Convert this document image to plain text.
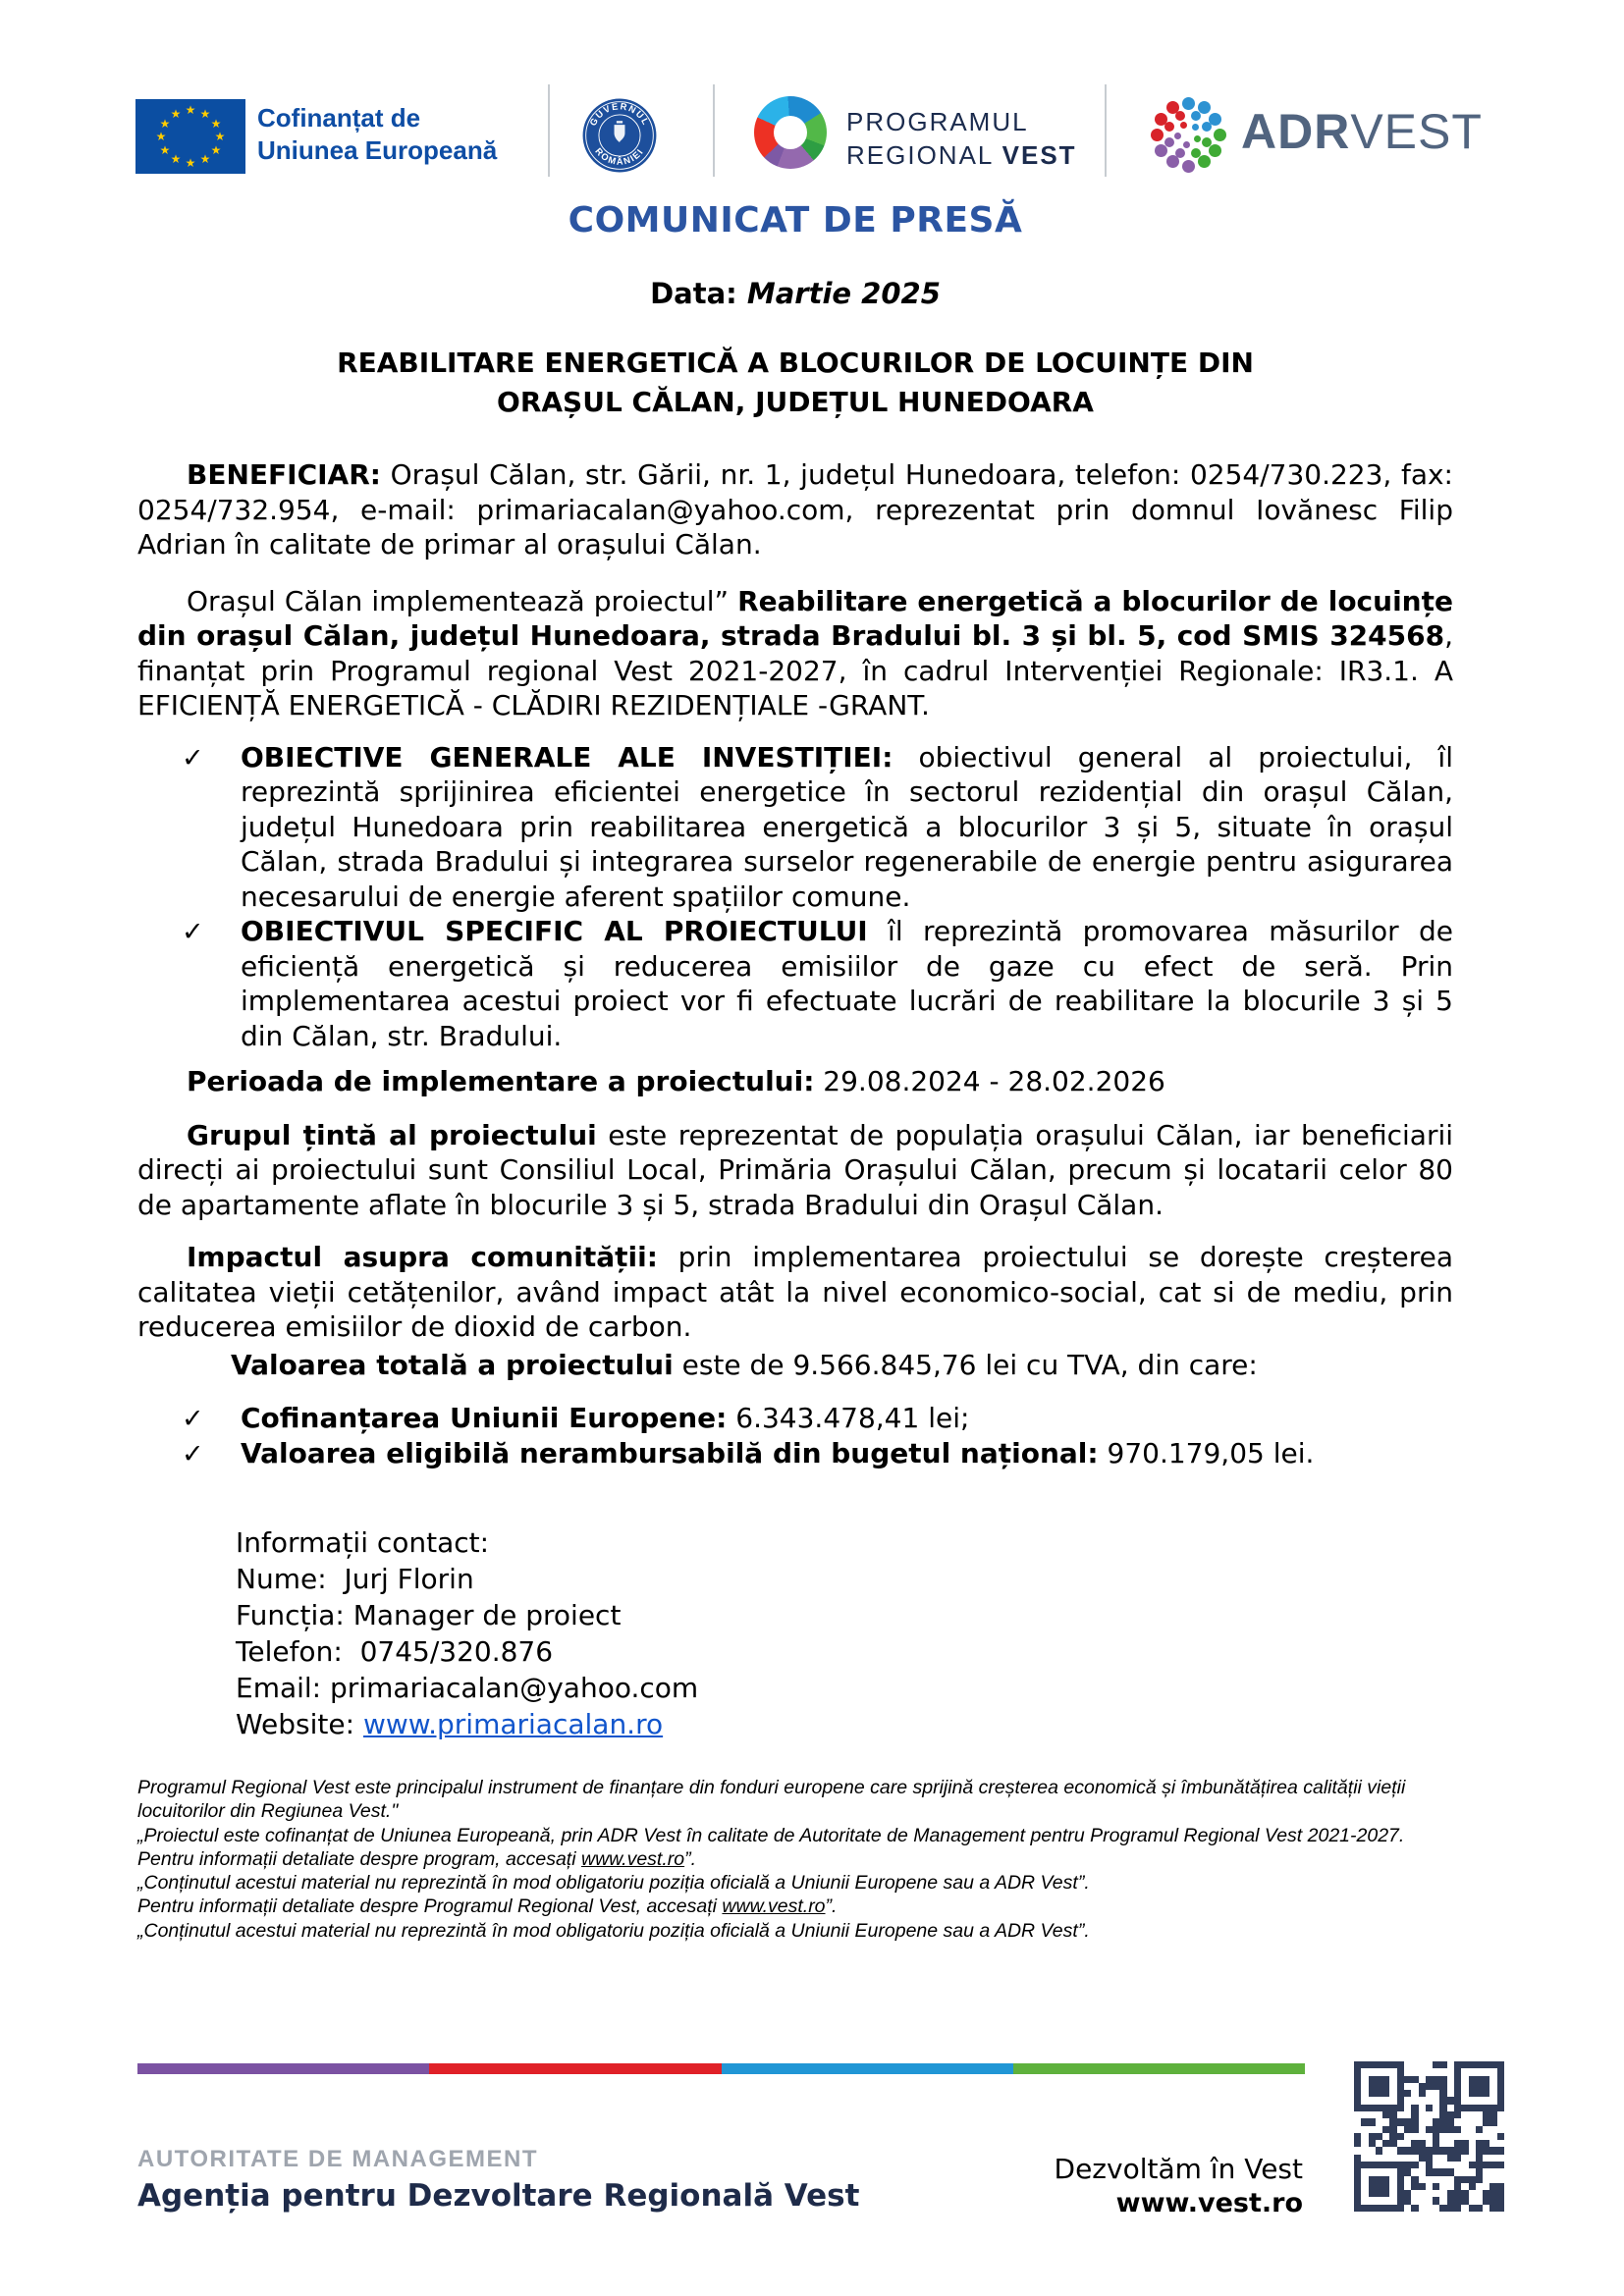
★ ★
★
★
★
★
★
★
★
★
★
★	Cofinanțat de
Uniunea Europeană
GUVERNUL
ROMÂNIEI
PROGRAMUL
REGIONAL VEST	ADRVEST
COMUNICAT DE PRESĂ

Data: Martie 2025

REABILITARE ENERGETICĂ A BLOCURILOR DE LOCUINȚE DIN
ORAȘUL CĂLAN, JUDEȚUL HUNEDOARA

BENEFICIAR: Orașul Călan, str. Gării, nr. 1, județul Hunedoara, telefon: 0254/730.223, fax: 0254/732.954, e-mail: primariacalan@yahoo.com, reprezentat prin domnul Iovănesc Filip Adrian în calitate de primar al orașului Călan.

Orașul Călan implementează proiectul” Reabilitare energetică a blocurilor de locuințe din orașul Călan, județul Hunedoara, strada Bradului bl. 3 și bl. 5, cod SMIS 324568, finanțat prin Programul regional Vest 2021-2027, în cadrul Intervenției Regionale: IR3.1. A EFICIENȚĂ ENERGETICĂ - CLĂDIRI REZIDENȚIALE -GRANT.

✓ OBIECTIVE GENERALE ALE INVESTIȚIEI: obiectivul general al proiectului, îl reprezintă sprijinirea eficientei energetice în sectorul rezidențial din orașul Călan, județul Hunedoara prin reabilitarea energetică a blocurilor 3 și 5, situate în orașul Călan, strada Bradului și integrarea surselor regenerabile de energie pentru asigurarea necesarului de energie aferent spațiilor comune.
✓ OBIECTIVUL SPECIFIC AL PROIECTULUI îl reprezintă promovarea măsurilor de eficiență energetică și reducerea emisiilor de gaze cu efect de seră. Prin implementarea acestui proiect vor fi efectuate lucrări de reabilitare la blocurile 3 și 5 din Călan, str. Bradului.

Perioada de implementare a proiectului: 29.08.2024 - 28.02.2026

Grupul țintă al proiectului este reprezentat de populația orașului Călan, iar beneficiarii direcți ai proiectului sunt Consiliul Local, Primăria Orașului Călan, precum și locatarii celor 80 de apartamente aflate în blocurile 3 și 5, strada Bradului din Orașul Călan.

Impactul asupra comunității: prin implementarea proiectului se dorește creșterea calitatea vieții cetățenilor, având impact atât la nivel economico-social, cat si de mediu, prin reducerea emisiilor de dioxid de carbon.

Valoarea totală a proiectului este de 9.566.845,76 lei cu TVA, din care:

✓ Cofinanțarea Uniunii Europene: 6.343.478,41 lei;
✓ Valoarea eligibilă nerambursabilă din bugetul național: 970.179,05 lei.
Informații contact:
Nume: Jurj Florin
Funcția: Manager de proiect
Telefon: 0745/320.876
Email: primariacalan@yahoo.com
Website: www.primariacalan.ro

Programul Regional Vest este principalul instrument de finanțare din fonduri europene care sprijină creșterea economică și îmbunătățirea calității vieții locuitorilor din Regiunea Vest."

„Proiectul este cofinanțat de Uniunea Europeană, prin ADR Vest în calitate de Autoritate de Management pentru Programul Regional Vest 2021-2027. Pentru informații detaliate despre program, accesați www.vest.ro”.

„Conținutul acestui material nu reprezintă în mod obligatoriu poziția oficială a Uniunii Europene sau a ADR Vest”.

Pentru informații detaliate despre Programul Regional Vest, accesați www.vest.ro”.

„Conținutul acestui material nu reprezintă în mod obligatoriu poziția oficială a Uniunii Europene sau a ADR Vest”.

AUTORITATE DE MANAGEMENT
Agenția pentru Dezvoltare Regională Vest
Dezvoltăm în Vest
www.vest.ro
